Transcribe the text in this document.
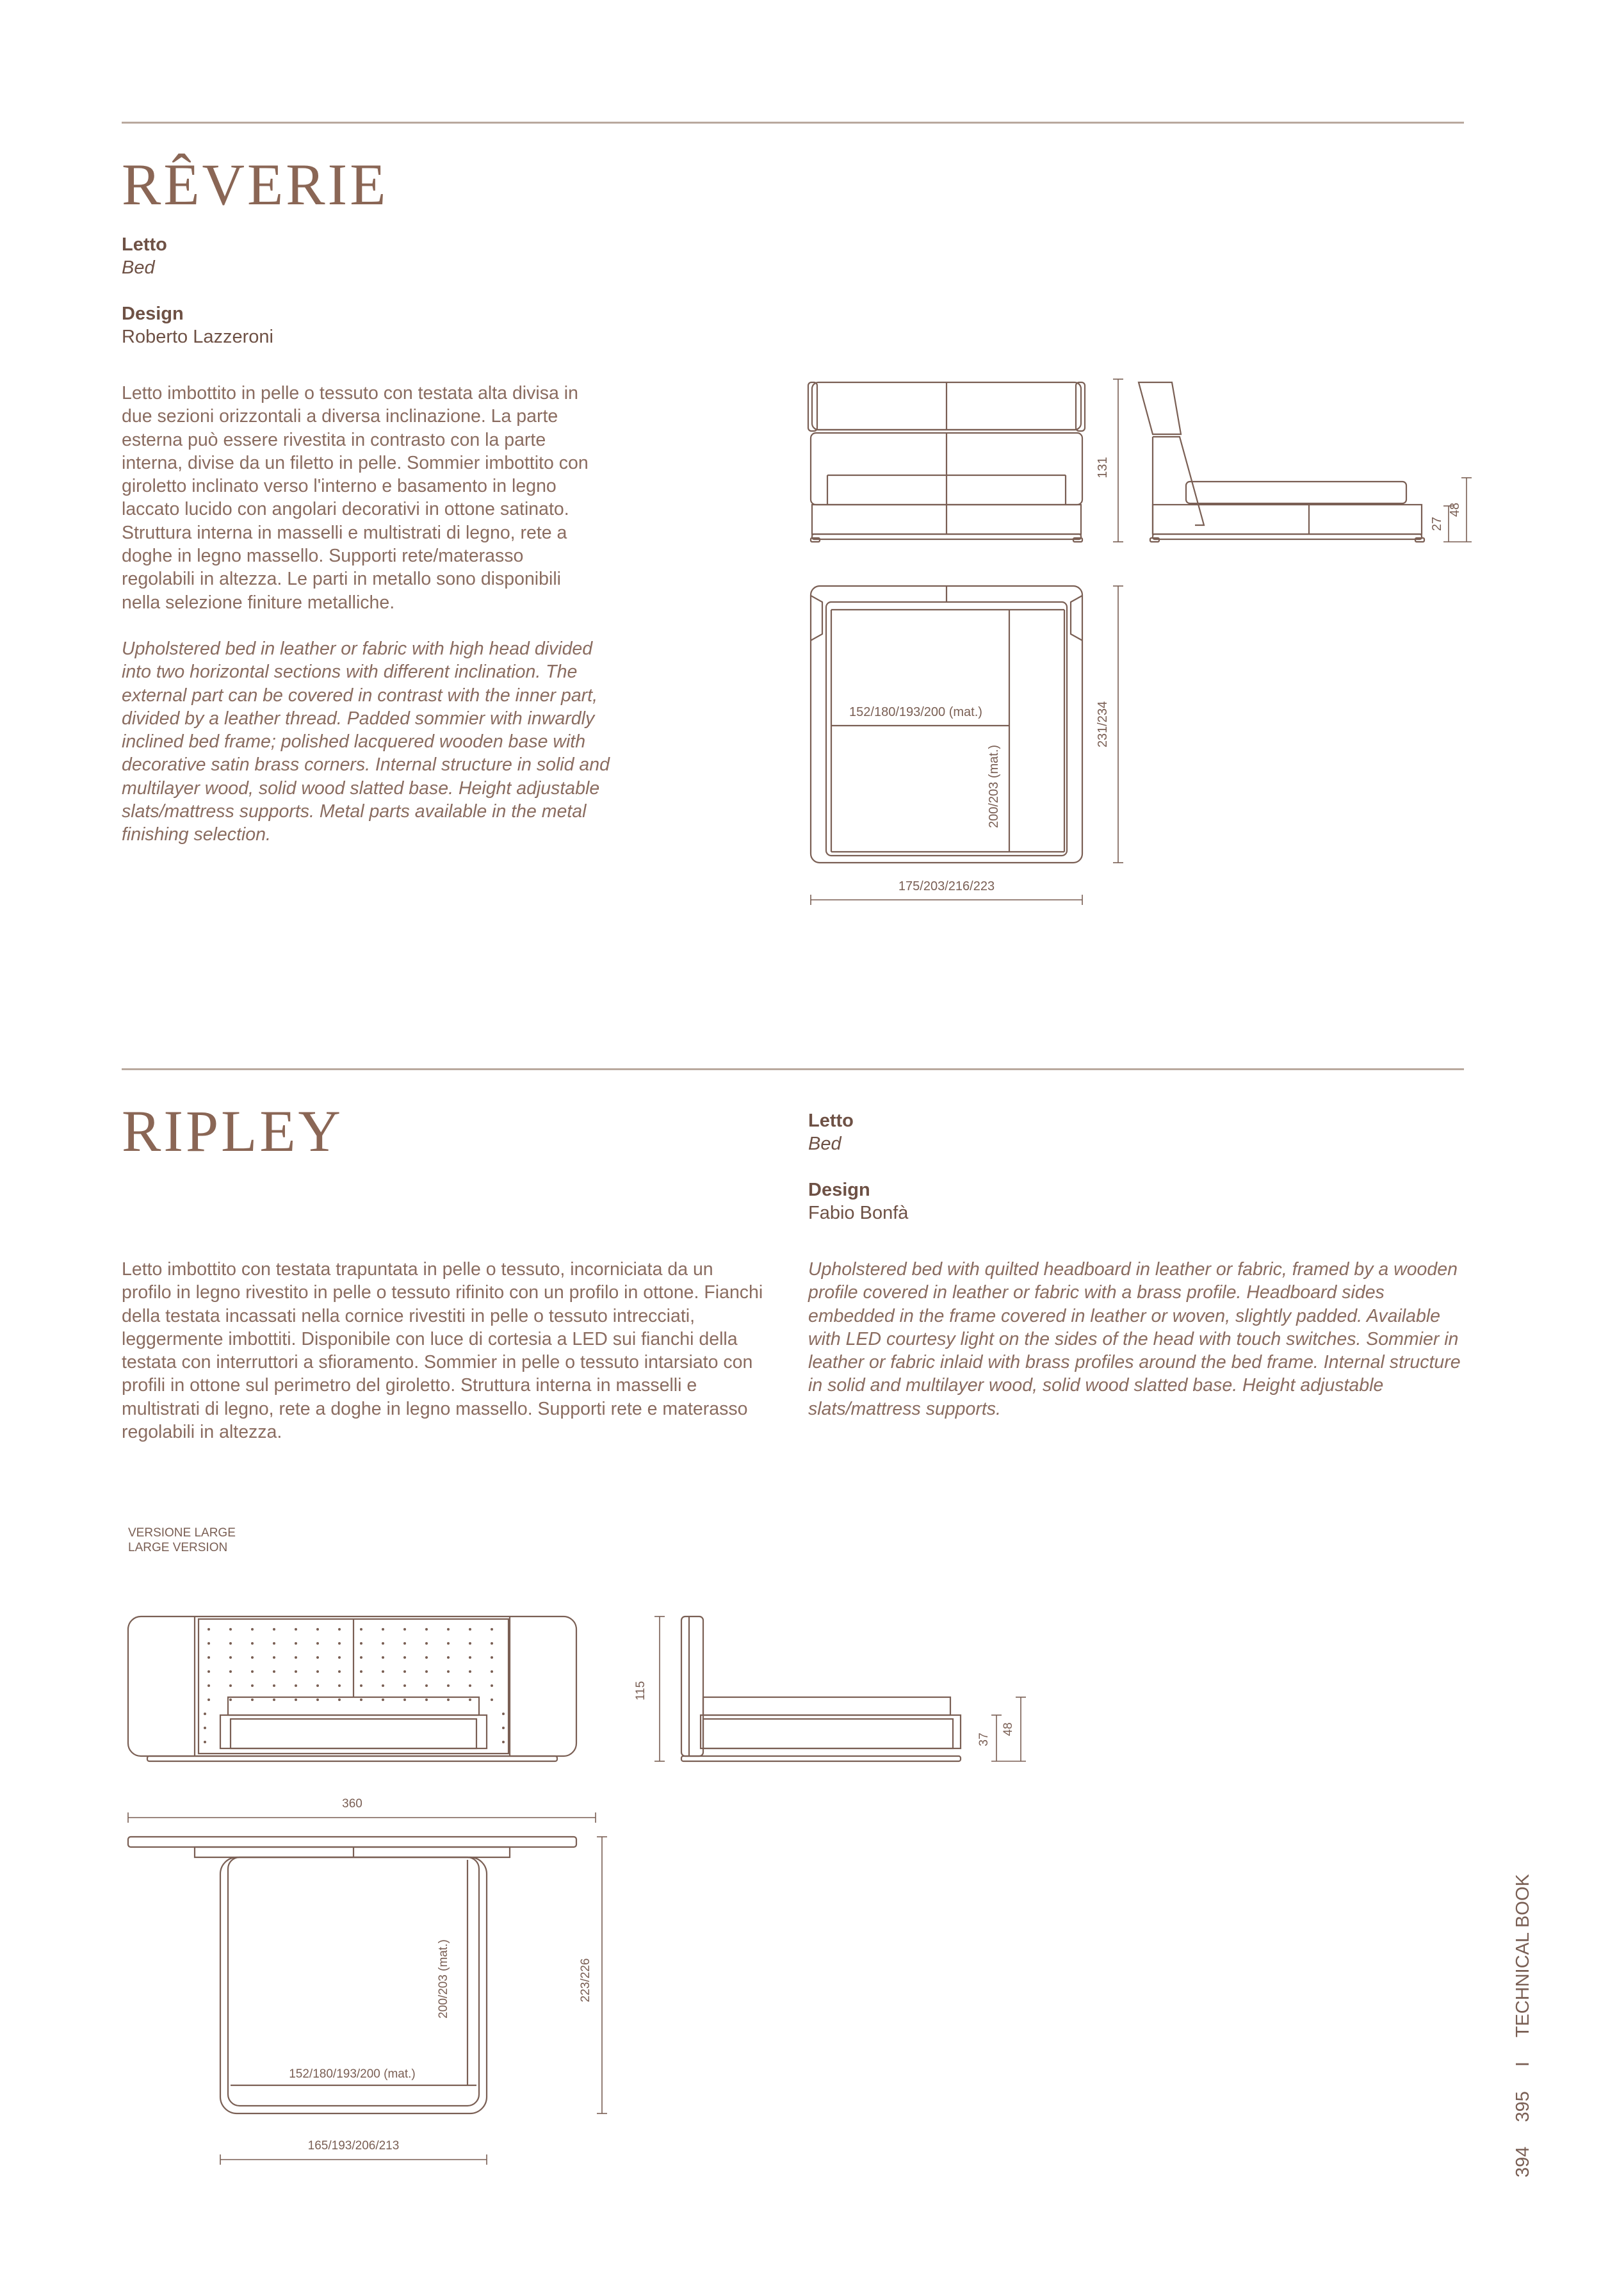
RÊVERIE
Letto
Bed
Design
Roberto Lazzeroni

Letto imbottito in pelle o tessuto con testata alta divisa in due sezioni orizzontali a diversa inclinazione. La parte esterna può essere rivestita in contrasto con la parte interna, divise da un filetto in pelle. Sommier imbottito con giroletto inclinato verso l'interno e basamento in legno laccato lucido con angolari decorativi in ottone satinato. Struttura interna in masselli e multistrati di legno, rete a doghe in legno massello. Supporti rete/materasso regolabili in altezza. Le parti in metallo sono disponibili nella selezione finiture metalliche.

Upholstered bed in leather or fabric with high head divided into two horizontal sections with different inclination. The external part can be covered in contrast with the inner part, divided by a leather thread. Padded sommier with inwardly inclined bed frame; polished lacquered wooden base with decorative satin brass corners. Internal structure in solid and multilayer wood, solid wood slatted base. Height adjustable slats/mattress supports. Metal parts available in the metal finishing selection.

131
27
48
152/180/193/200 (mat.)
200/203 (mat.)
231/234
175/203/216/223
RIPLEY	Letto
Bed
Design
Fabio Bonfà

Letto imbottito con testata trapuntata in pelle o tessuto, incorniciata da un profilo in legno rivestito in pelle o tessuto rifinito con un profilo in ottone. Fianchi della testata incassati nella cornice rivestiti in pelle o tessuto intrecciati, leggermente imbottiti. Disponibile con luce di cortesia a LED sui fianchi della testata con interruttori a sfioramento. Sommier in pelle o tessuto intarsiato con profili in ottone sul perimetro del giroletto. Struttura interna in masselli e multistrati di legno, rete a doghe in legno massello. Supporti rete e materasso regolabili in altezza.

Upholstered bed with quilted headboard in leather or fabric, framed by a wooden profile covered in leather or fabric with a brass profile. Headboard sides embedded in the frame covered in leather or woven, slightly padded. Available with LED courtesy light on the sides of the head with touch switches. Sommier in leather or fabric inlaid with brass profiles around the bed frame. Internal structure in solid and multilayer wood, solid wood slatted base. Height adjustable slats/mattress supports.

VERSIONE LARGE
LARGE VERSION
115
37
48
360
200/203 (mat.)	223/226
152/180/193/200 (mat.)
165/193/206/213
394  395  I  TECHNICAL BOOK
